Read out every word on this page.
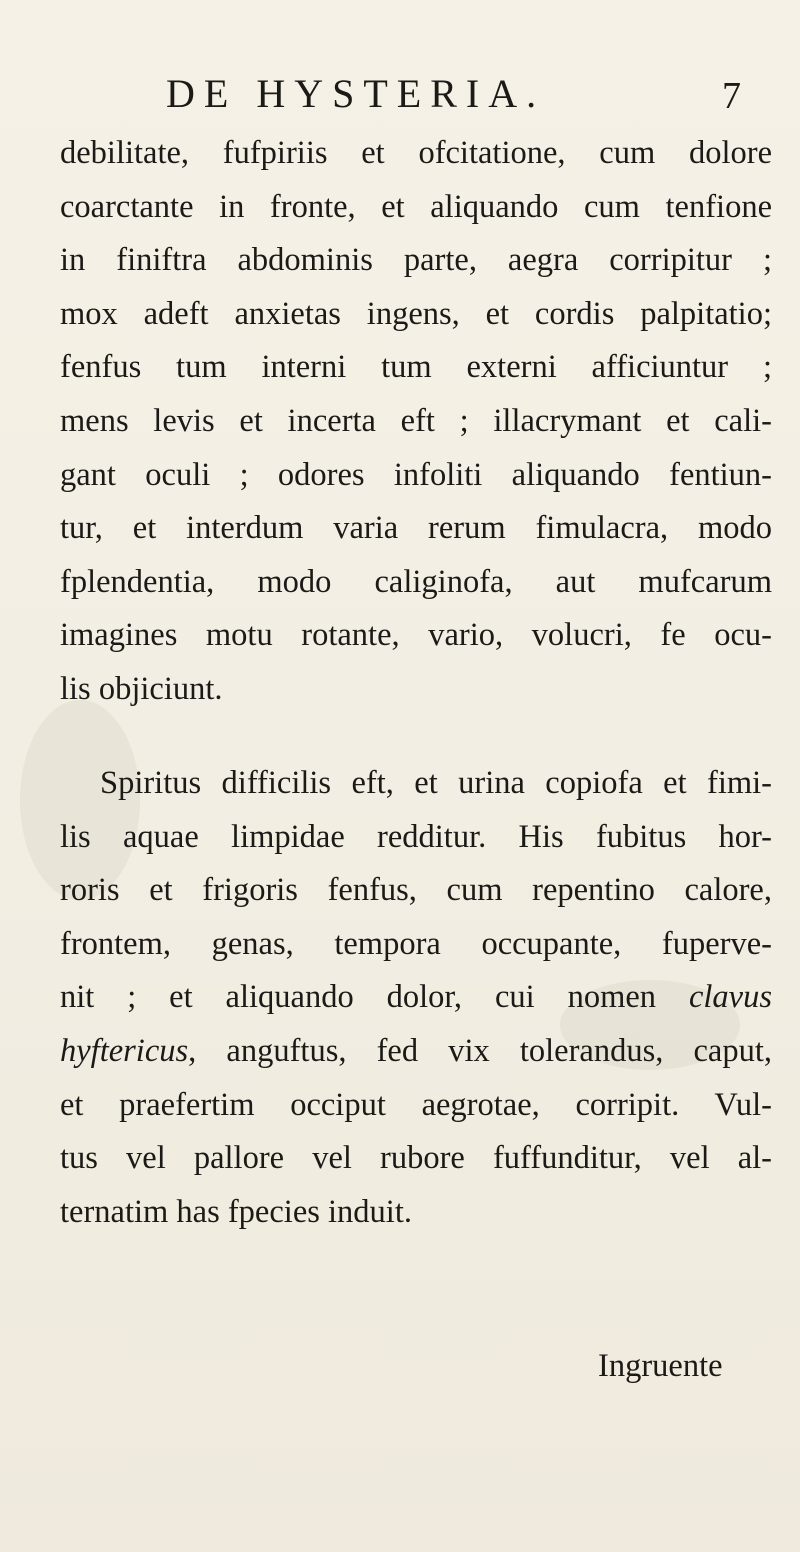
DE HYSTERIA.	7
debilitate, fufpiriis et ofcitatione, cum dolore
coarctante in fronte, et aliquando cum tenfione
in finiftra abdominis parte, aegra corripitur ;
mox adeft anxietas ingens, et cordis palpitatio;
fenfus tum interni tum externi afficiuntur ;
mens levis et incerta eft ; illacrymant et cali-
gant oculi ; odores infoliti aliquando fentiun-
tur, et interdum varia rerum fimulacra, modo
fplendentia, modo caliginofa, aut mufcarum
imagines motu rotante, vario, volucri, fe ocu-
lis objiciunt.
Spiritus difficilis eft, et urina copiofa et fimi-
lis aquae limpidae redditur. His fubitus hor-
roris et frigoris fenfus, cum repentino calore,
frontem, genas, tempora occupante, fuperve-
nit ; et aliquando dolor, cui nomen clavus
hyftericus, anguftus, fed vix tolerandus, caput,
et praefertim occiput aegrotae, corripit. Vul-
tus vel pallore vel rubore fuffunditur, vel al-
ternatim has fpecies induit.
Ingruente
